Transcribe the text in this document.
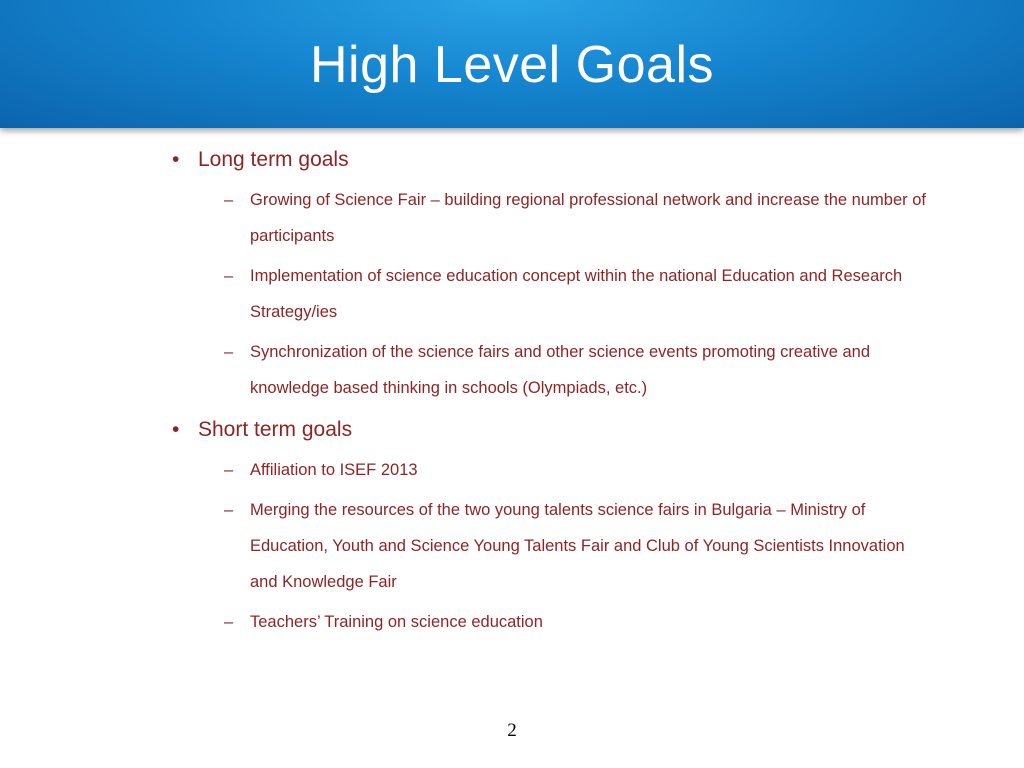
High Level Goals
• Long term goals
– Growing of Science Fair – building regional professional network and increase the number of participants
– Implementation of science education concept within the national Education and Research Strategy/ies
– Synchronization of the science fairs and other science events promoting creative and knowledge based thinking in schools (Olympiads, etc.)
• Short term goals
– Affiliation to ISEF 2013
– Merging the resources of the two young talents science fairs in Bulgaria – Ministry of Education, Youth and Science Young Talents Fair and Club of Young Scientists Innovation and Knowledge Fair
– Teachers’ Training on science education
2
